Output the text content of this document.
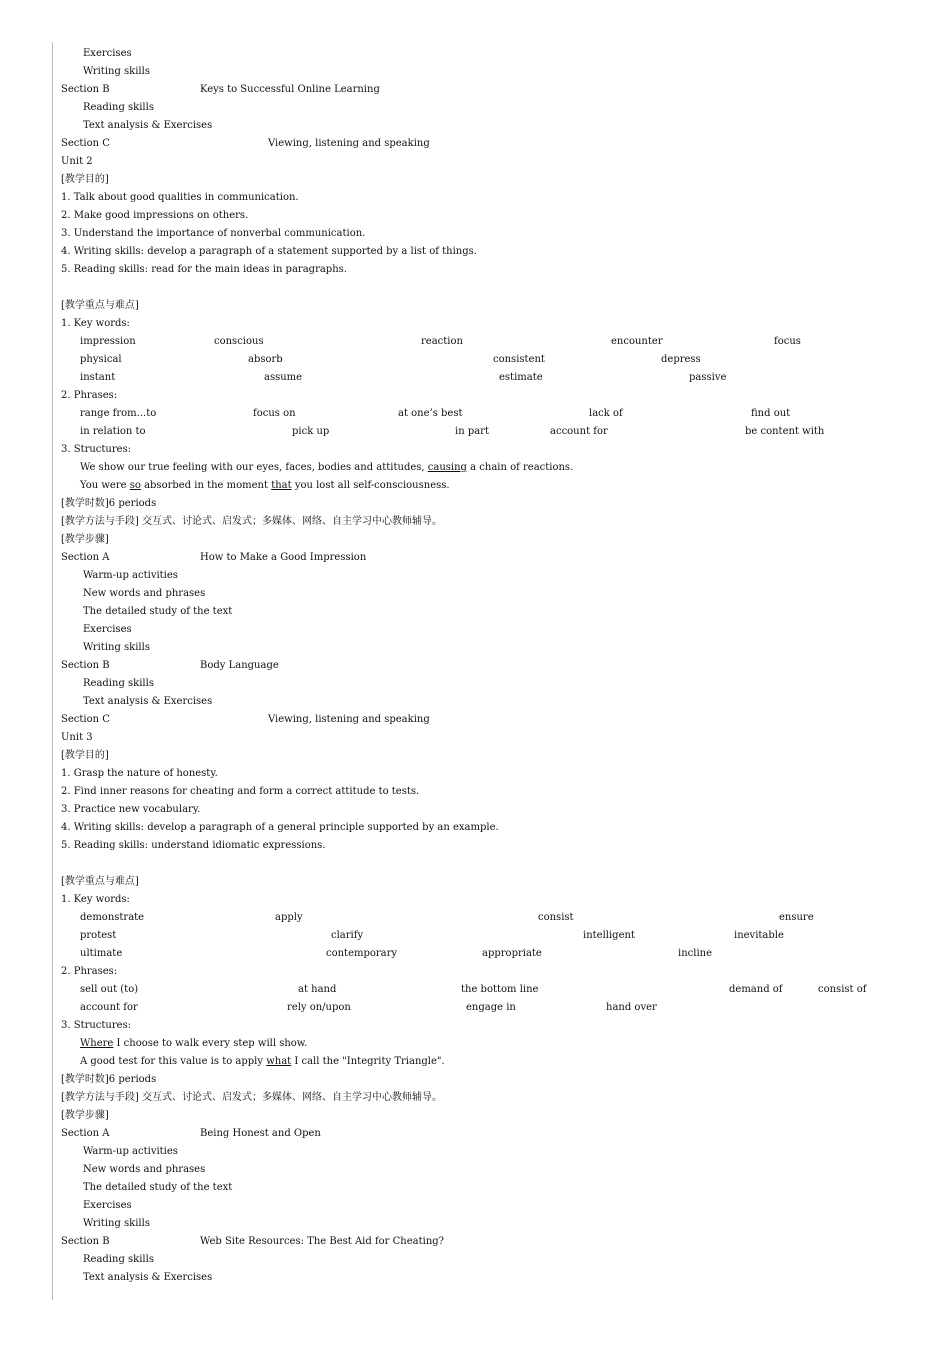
Exercises
Writing skills
Section B	Keys to Successful Online Learning
Reading skills
Text analysis & Exercises
Section C	Viewing, listening and speaking
Unit 2
[教学目的]
1. Talk about good qualities in communication.
2. Make good impressions on others.
3. Understand the importance of nonverbal communication.
4. Writing skills: develop a paragraph of a statement supported by a list of things.
5. Reading skills: read for the main ideas in paragraphs.
[教学重点与难点]
1. Key words:
impression	conscious	reaction	encounter	focus
physical	absorb	consistent	depress
instant	assume	estimate	passive
2. Phrases:
range from...to	focus on	at one’s best	lack of	find out
in relation to	pick up	in part	account for	be content with
3. Structures:
We show our true feeling with our eyes, faces, bodies and attitudes, causing a chain of reactions.
You were so absorbed in the moment that you lost all self-consciousness.
[教学时数]6 periods
[教学方法与手段] 交互式、讨论式、启发式；多媒体、网络、自主学习中心教师辅导。
[教学步骤]
Section A	How to Make a Good Impression
Warm-up activities
New words and phrases
The detailed study of the text
Exercises
Writing skills
Section B	Body Language
Reading skills
Text analysis & Exercises
Section C	Viewing, listening and speaking
Unit 3
[教学目的]
1. Grasp the nature of honesty.
2. Find inner reasons for cheating and form a correct attitude to tests.
3. Practice new vocabulary.
4. Writing skills: develop a paragraph of a general principle supported by an example.
5. Reading skills: understand idiomatic expressions.
[教学重点与难点]
1. Key words:
demonstrate	apply	consist	ensure
protest	clarify	intelligent	inevitable
ultimate	contemporary	appropriate	incline
2. Phrases:
sell out (to)	at hand	the bottom line	demand of	consist of
account for	rely on/upon	engage in	hand over
3. Structures:
Where I choose to walk every step will show.
A good test for this value is to apply what I call the "Integrity Triangle".
[教学时数]6 periods
[教学方法与手段] 交互式、讨论式、启发式；多媒体、网络、自主学习中心教师辅导。
[教学步骤]
Section A	Being Honest and Open
Warm-up activities
New words and phrases
The detailed study of the text
Exercises
Writing skills
Section B	Web Site Resources: The Best Aid for Cheating?
Reading skills
Text analysis & Exercises
